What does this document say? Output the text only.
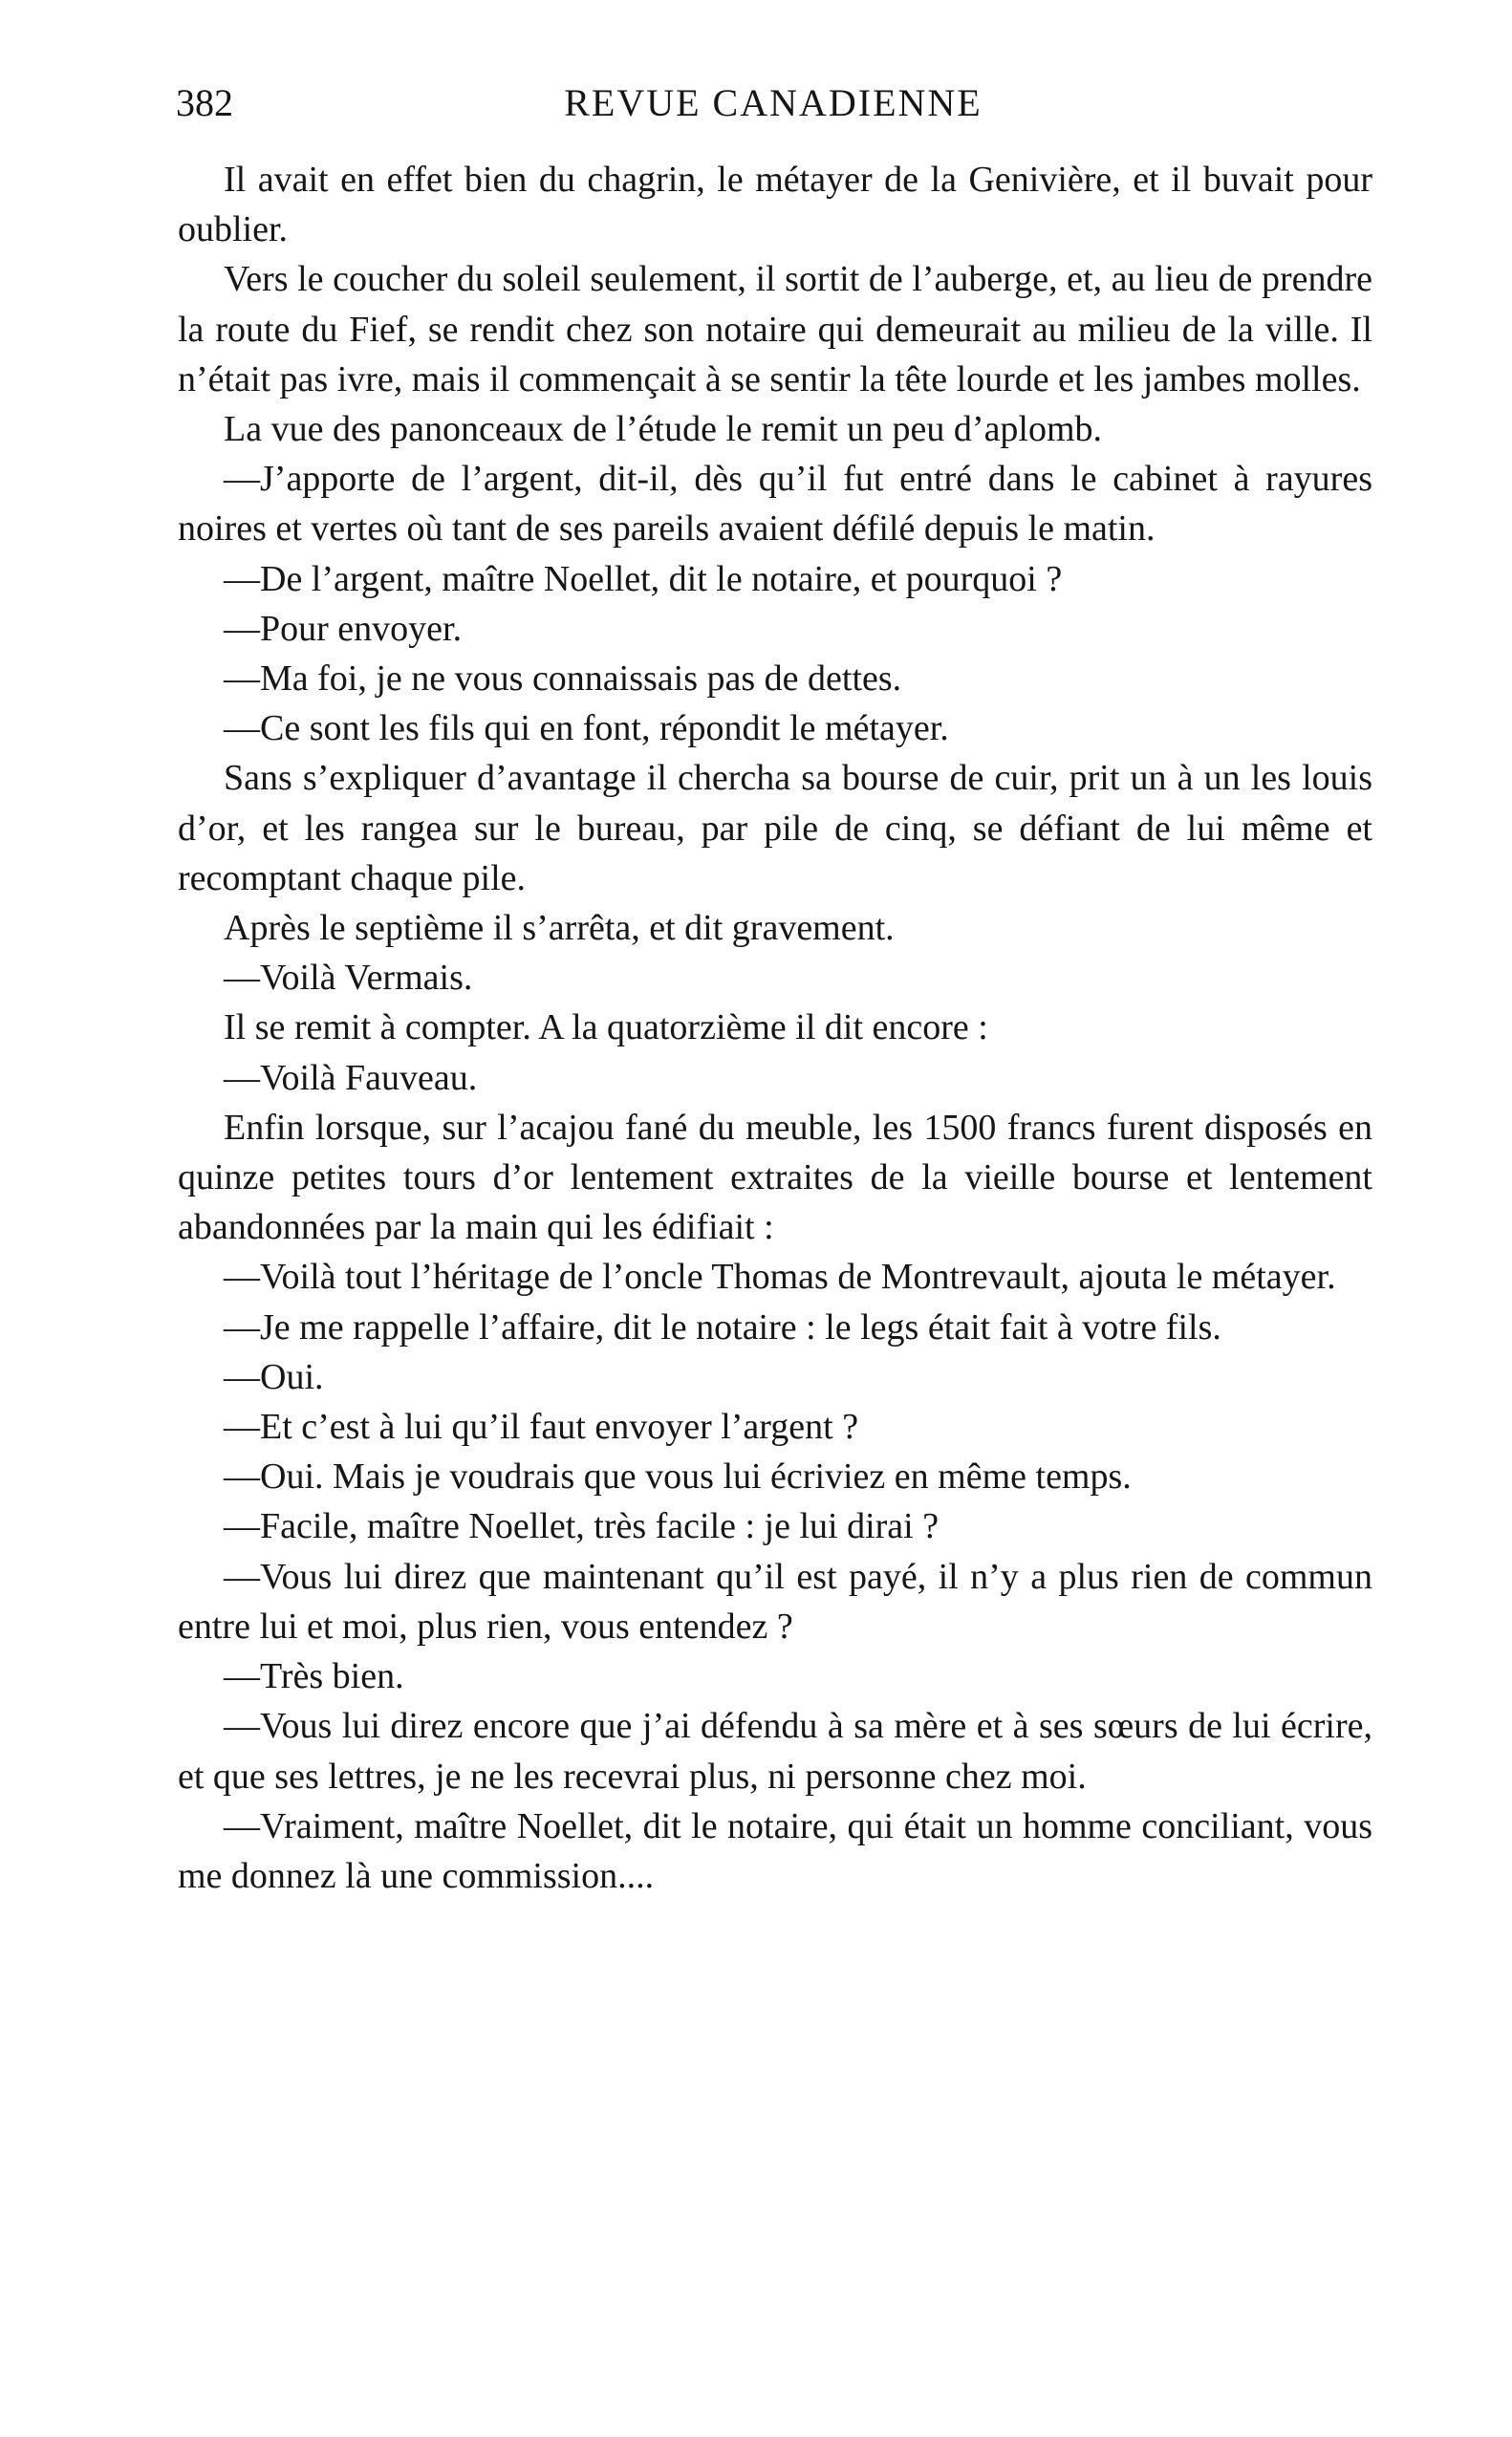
382	REVUE CANADIENNE

Il avait en effet bien du chagrin, le métayer de la Genivière, et il buvait pour oublier.

Vers le coucher du soleil seulement, il sortit de l’auberge, et, au lieu de prendre la route du Fief, se rendit chez son notaire qui demeurait au milieu de la ville. Il n’était pas ivre, mais il commençait à se sentir la tête lourde et les jambes molles.

La vue des panonceaux de l’étude le remit un peu d’aplomb.

—J’apporte de l’argent, dit-il, dès qu’il fut entré dans le cabinet à rayures noires et vertes où tant de ses pareils avaient défilé depuis le matin.

—De l’argent, maître Noellet, dit le notaire, et pourquoi ?

—Pour envoyer.

—Ma foi, je ne vous connaissais pas de dettes.

—Ce sont les fils qui en font, répondit le métayer.

Sans s’expliquer d’avantage il chercha sa bourse de cuir, prit un à un les louis d’or, et les rangea sur le bureau, par pile de cinq, se défiant de lui même et recomptant chaque pile.

Après le septième il s’arrêta, et dit gravement.

—Voilà Vermais.

Il se remit à compter. A la quatorzième il dit encore :

—Voilà Fauveau.

Enfin lorsque, sur l’acajou fané du meuble, les 1500 francs furent disposés en quinze petites tours d’or lentement extraites de la vieille bourse et lentement abandonnées par la main qui les édifiait :

—Voilà tout l’héritage de l’oncle Thomas de Montrevault, ajouta le métayer.

—Je me rappelle l’affaire, dit le notaire : le legs était fait à votre fils.

—Oui.

—Et c’est à lui qu’il faut envoyer l’argent ?

—Oui. Mais je voudrais que vous lui écriviez en même temps.

—Facile, maître Noellet, très facile : je lui dirai ?

—Vous lui direz que maintenant qu’il est payé, il n’y a plus rien de commun entre lui et moi, plus rien, vous entendez ?

—Très bien.

—Vous lui direz encore que j’ai défendu à sa mère et à ses sœurs de lui écrire, et que ses lettres, je ne les recevrai plus, ni personne chez moi.

—Vraiment, maître Noellet, dit le notaire, qui était un homme conciliant, vous me donnez là une commission....
